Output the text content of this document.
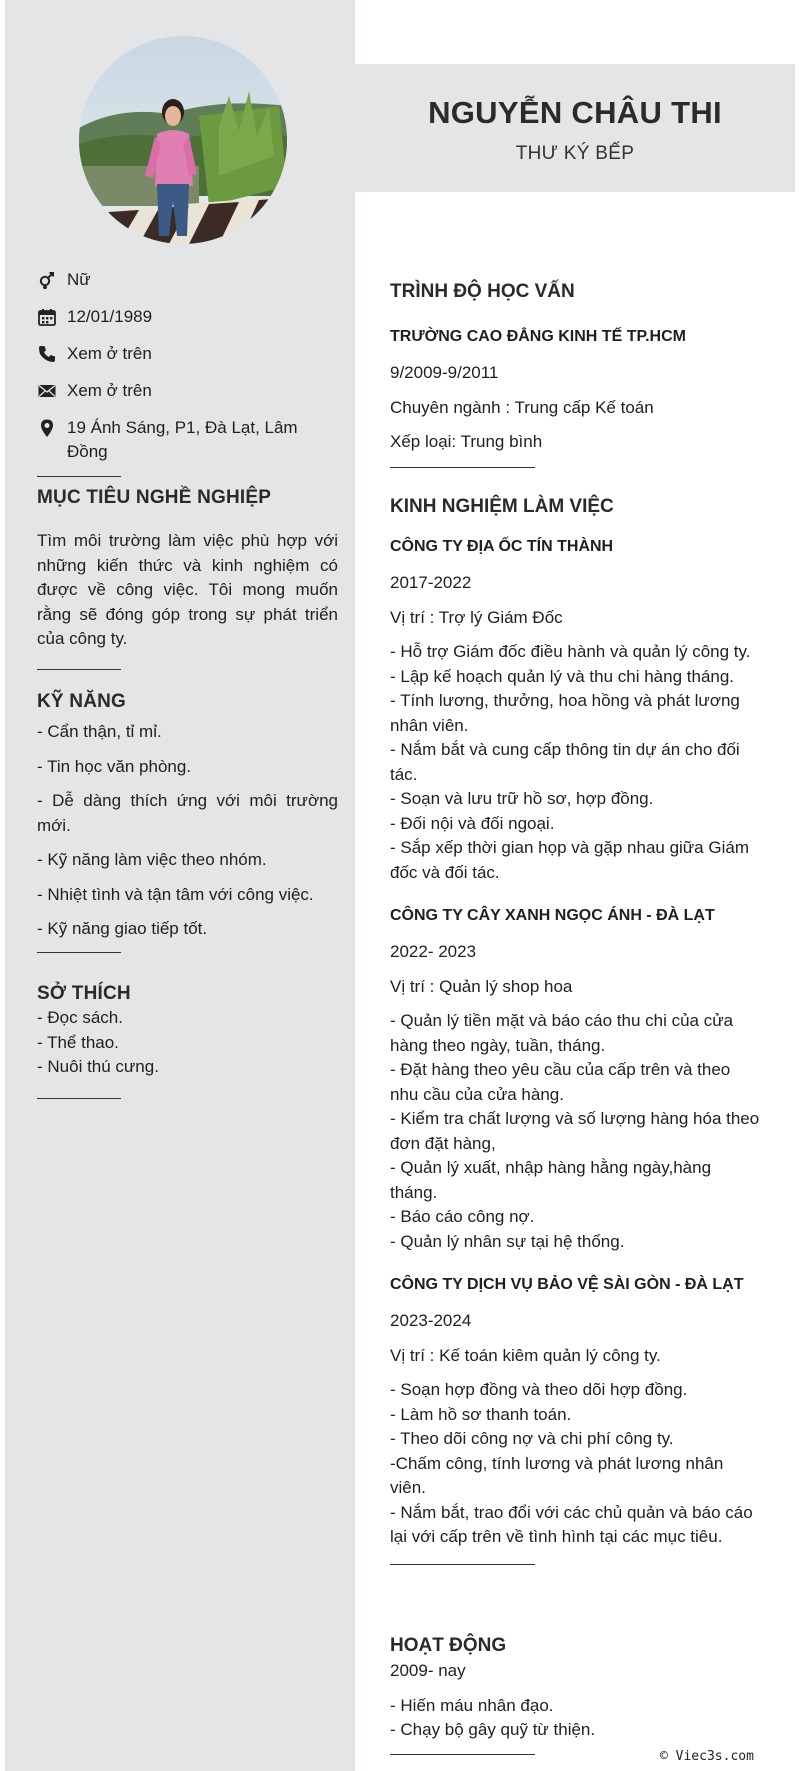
Nữ
12/01/1989
Xem ở trên
Xem ở trên
19 Ánh Sáng, P1, Đà Lạt, Lâm Đồng
MỤC TIÊU NGHỀ NGHIỆP
Tìm môi trường làm việc phù hợp với những kiến thức và kinh nghiệm có được về công việc. Tôi mong muốn rằng sẽ đóng góp trong sự phát triển của công ty.
KỸ NĂNG
- Cẩn thận, tỉ mỉ.
- Tin học văn phòng.
- Dễ dàng thích ứng với môi trường mới.
- Kỹ năng làm việc theo nhóm.
- Nhiệt tình và tận tâm với công việc.
- Kỹ năng giao tiếp tốt.
SỞ THÍCH
- Đọc sách.
- Thể thao.
- Nuôi thú cưng.
NGUYỄN CHÂU THI
THƯ KÝ BẾP
TRÌNH ĐỘ HỌC VẤN
TRƯỜNG CAO ĐẲNG KINH TẾ TP.HCM
9/2009-9/2011
Chuyên ngành : Trung cấp Kế toán
Xếp loại: Trung bình
KINH NGHIỆM LÀM VIỆC
CÔNG TY ĐỊA ỐC TÍN THÀNH
2017-2022
Vị trí : Trợ lý Giám Đốc
- Hỗ trợ Giám đốc điều hành và quản lý công ty.
- Lập kế hoạch quản lý và thu chi hàng tháng.
- Tính lương, thưởng, hoa hồng và phát lương nhân viên.
- Nắm bắt và cung cấp thông tin dự án cho đối tác.
- Soạn và lưu trữ hồ sơ, hợp đồng.
- Đối nội và đối ngoại.
- Sắp xếp thời gian họp và gặp nhau giữa Giám đốc và đối tác.
CÔNG TY CÂY XANH NGỌC ÁNH - ĐÀ LẠT
2022- 2023
Vị trí : Quản lý shop hoa
- Quản lý tiền mặt và báo cáo thu chi của cửa hàng theo ngày, tuần, tháng.
- Đặt hàng theo yêu cầu của cấp trên và theo nhu cầu của cửa hàng.
- Kiểm tra chất lượng và số lượng hàng hóa theo đơn đặt hàng,
- Quản lý xuất, nhập hàng hằng ngày,hàng tháng.
- Báo cáo công nợ.
- Quản lý nhân sự tại hệ thống.
CÔNG TY DỊCH VỤ BẢO VỆ SÀI GÒN - ĐÀ LẠT
2023-2024
Vị trí : Kế toán kiêm quản lý công ty.
- Soạn hợp đồng và theo dõi hợp đồng.
- Làm hồ sơ thanh toán.
- Theo dõi công nợ và chi phí công ty.
-Chấm công, tính lương và phát lương nhân viên.
- Nắm bắt, trao đổi với các chủ quản và báo cáo lại với cấp trên về tình hình tại các mục tiêu.
HOẠT ĐỘNG
2009- nay
- Hiến máu nhân đạo.
- Chạy bộ gây quỹ từ thiện.
© Viec3s.com
